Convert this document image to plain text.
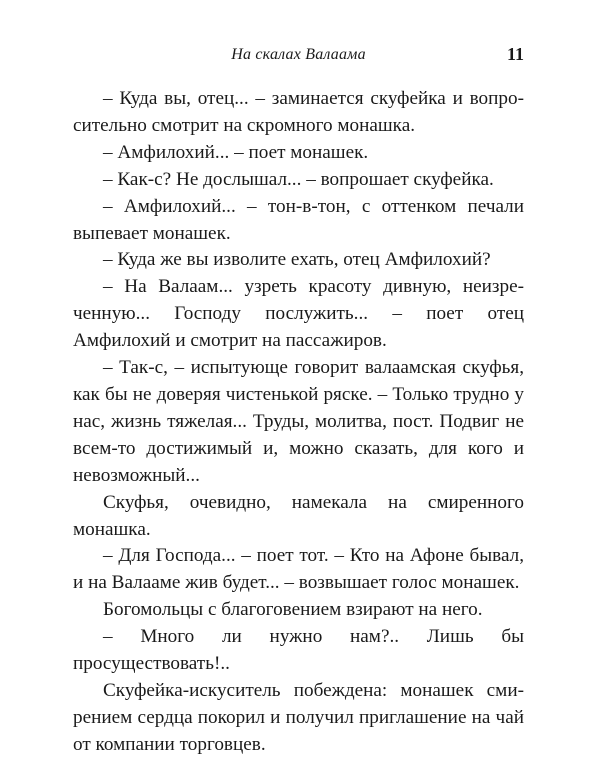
На скалах Валаама	11

– Куда вы, отец... – заминается скуфейка и вопросительно смотрит на скромного монашка.

– Амфилохий... – поет монашек.

– Как-с? Не дослышал... – вопрошает скуфейка.

– Амфилохий... – тон-в-тон, с оттенком печали выпевает монашек.

– Куда же вы изволите ехать, отец Амфилохий?

– На Валаам... узреть красоту дивную, неизреченную... Господу послужить... – поет отец Амфилохий и смотрит на пассажиров.

– Так-с, – испытующе говорит валаамская скуфья, как бы не доверяя чистенькой ряске. – Только трудно у нас, жизнь тяжелая... Труды, молитва, пост. Подвиг не всем-то достижимый и, можно сказать, для кого и невозможный...

Скуфья, очевидно, намекала на смиренного монашка.

– Для Господа... – поет тот. – Кто на Афоне бывал, и на Валааме жив будет... – возвышает голос монашек.

Богомольцы с благоговением взирают на него.

– Много ли нужно нам?.. Лишь бы просуществовать!..

Скуфейка-искуситель побеждена: монашек смирением сердца покорил и получил приглашение на чай от компании торговцев.
